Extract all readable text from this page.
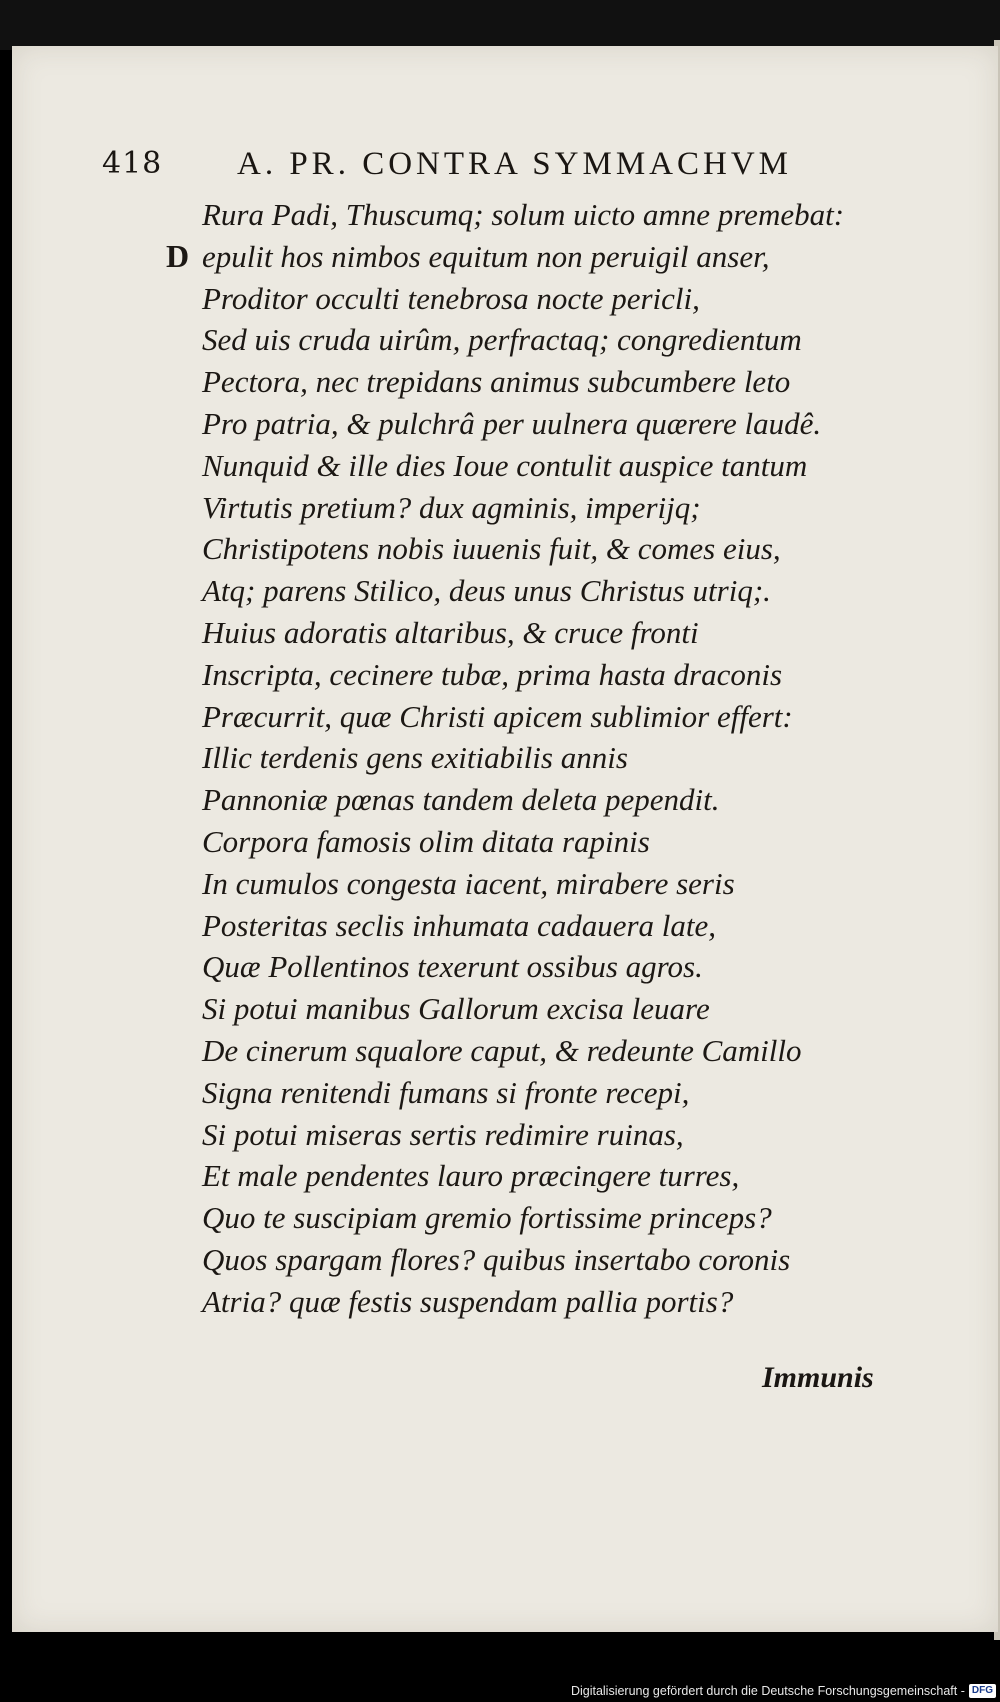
418 A. PR. CONTRA SYMMACHVM
Rura Padi, Thuscumq; solum uicto amne premebat:
D epulit hos nimbos equitum non peruigil anser,
Proditor occulti tenebrosa nocte pericli,
Sed uis cruda uirûm, perfractaq; congredientum
Pectora, nec trepidans animus subcumbere leto
Pro patria, & pulchrâ per uulnera quærere laudê.
Nunquid & ille dies Ioue contulit auspice tantum
Virtutis pretium? dux agminis, imperijq;
Christipotens nobis iuuenis fuit, & comes eius,
Atq; parens Stilico, deus unus Christus utriq;.
Huius adoratis altaribus, & cruce fronti
Inscripta, cecinere tubæ, prima hasta draconis
Præcurrit, quæ Christi apicem sublimior effert:
Illic terdenis gens exitiabilis annis
Pannoniæ pœnas tandem deleta pependit.
Corpora famosis olim ditata rapinis
In cumulos congesta iacent, mirabere seris
Posteritas seclis inhumata cadauera late,
Quæ Pollentinos texerunt ossibus agros.
Si potui manibus Gallorum excisa leuare
De cinerum squalore caput, & redeunte Camillo
Signa renitendi fumans si fronte recepi,
Si potui miseras sertis redimire ruinas,
Et male pendentes lauro præcingere turres,
Quo te suscipiam gremio fortissime princeps?
Quos spargam flores? quibus insertabo coronis
Atria? quæ festis suspendam pallia portis?
Immunis
Digitalisierung gefördert durch die Deutsche Forschungsgemeinschaft - DFG
